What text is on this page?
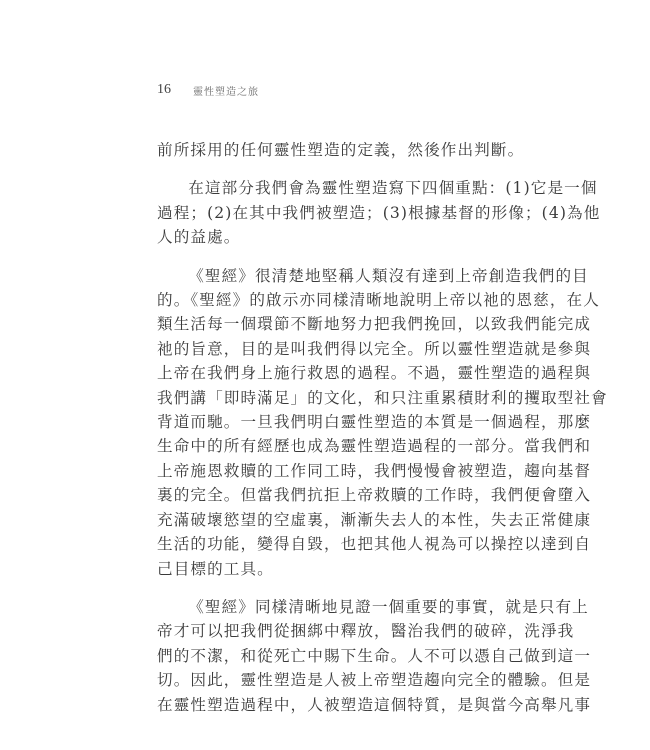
16	靈性塑造之旅

前所採用的任何靈性塑造的定義，然後作出判斷。

在這部分我們會為靈性塑造寫下四個重點：(1)它是一個
過程；(2)在其中我們被塑造；(3)根據基督的形像；(4)為他
人的益處。

《聖經》很清楚地堅稱人類沒有達到上帝創造我們的目
的。《聖經》的啟示亦同樣清晰地說明上帝以祂的恩慈，在人
類生活每一個環節不斷地努力把我們挽回，以致我們能完成
祂的旨意，目的是叫我們得以完全。所以靈性塑造就是參與
上帝在我們身上施行救恩的過程。不過，靈性塑造的過程與
我們講「即時滿足」的文化，和只注重累積財利的攫取型社會
背道而馳。一旦我們明白靈性塑造的本質是一個過程，那麼
生命中的所有經歷也成為靈性塑造過程的一部分。當我們和
上帝施恩救贖的工作同工時，我們慢慢會被塑造，趨向基督
裏的完全。但當我們抗拒上帝救贖的工作時，我們便會墮入
充滿破壞慾望的空虛裏，漸漸失去人的本性，失去正常健康
生活的功能，變得自毀，也把其他人視為可以操控以達到自
己目標的工具。

《聖經》同樣清晰地見證一個重要的事實，就是只有上
帝才可以把我們從捆綁中釋放，醫治我們的破碎，洗淨我
們的不潔，和從死亡中賜下生命。人不可以憑自己做到這一
切。因此，靈性塑造是人被上帝塑造趨向完全的體驗。但是
在靈性塑造過程中，人被塑造這個特質，是與當今高舉凡事
